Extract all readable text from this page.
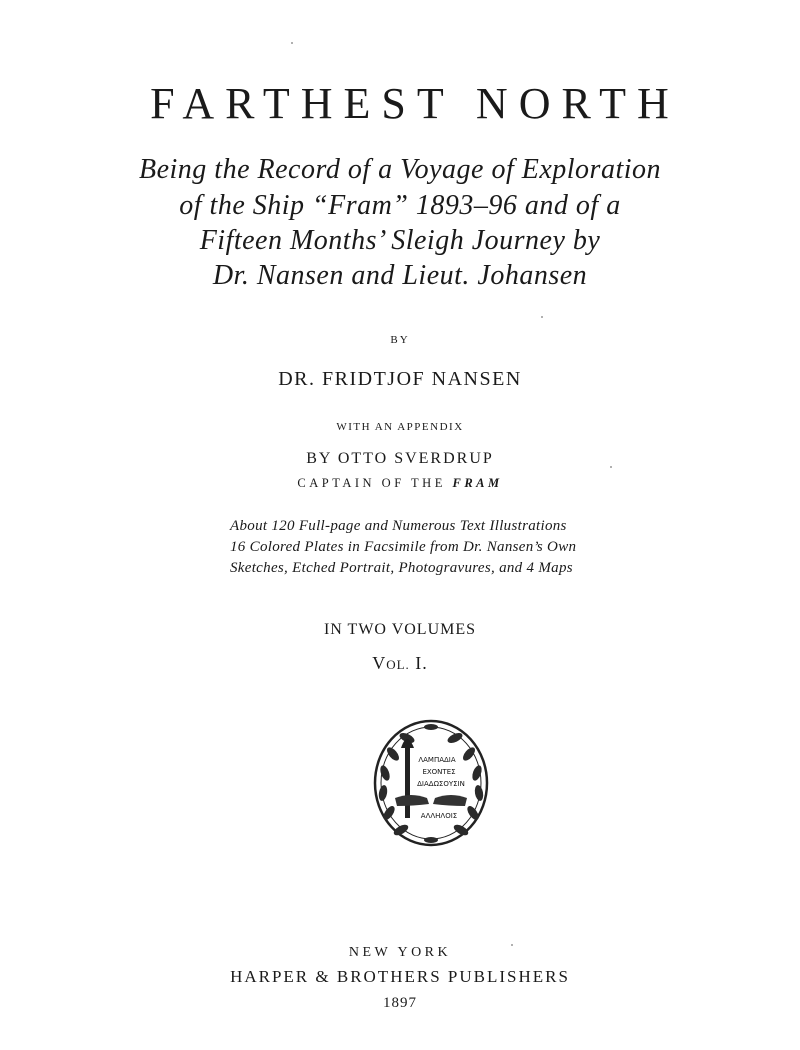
FARTHEST NORTH
Being the Record of a Voyage of Exploration
of the Ship “Fram” 1893–96 and of a
Fifteen Months’ Sleigh Journey by
Dr. Nansen and Lieut. Johansen
BY
DR. FRIDTJOF NANSEN
WITH AN APPENDIX
BY OTTO SVERDRUP
CAPTAIN OF THE FRAM
About 120 Full-page and Numerous Text Illustrations
16 Colored Plates in Facsimile from Dr. Nansen’s Own
Sketches, Etched Portrait, Photogravures, and 4 Maps
IN TWO VOLUMES
VOL. I.
ΛΑΜΠΑΔΙΑ
ΕΧΟΝΤΕΣ
ΔΙΑΔΩΣΟΥΣΙΝ
ΑΛΛΗΛΟΙΣ
NEW YORK
HARPER & BROTHERS PUBLISHERS
1897
